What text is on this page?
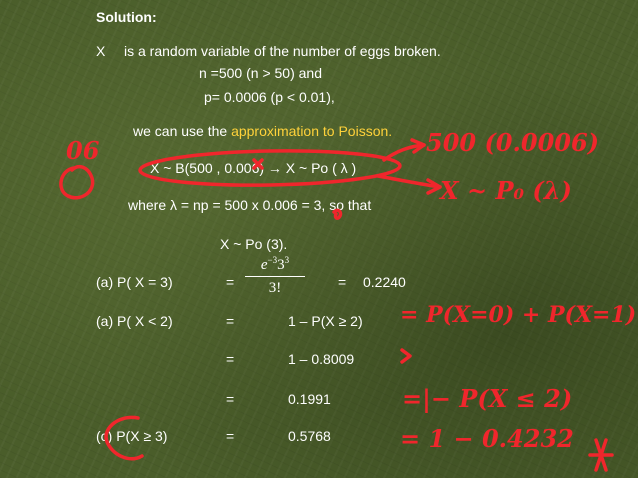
Solution:
X is a random variable of the number of eggs broken.
n =500 (n > 50) and
p= 0.0006 (p < 0.01),
we can use the approximation to Poisson.
X ~ B(500 , 0.006) → X ~ Po ( λ )
where λ = np = 500 x 0.006 = 3, so that
X ~ Po (3).
(a) P( X = 3)	=
$e^{-3}3^3$
3!	= 0.2240
(a) P( X < 2)	=	1 – P(X ≥ 2)
=	1 – 0.8009
=	0.1991
(c) P(X ≥ 3)	=	0.5768
06	500 (0.0006)
X ~ P₀ (λ)
= P(X=0) + P(X=1)
=|− P(X ≤ 2)
= 1 − 0.4232
